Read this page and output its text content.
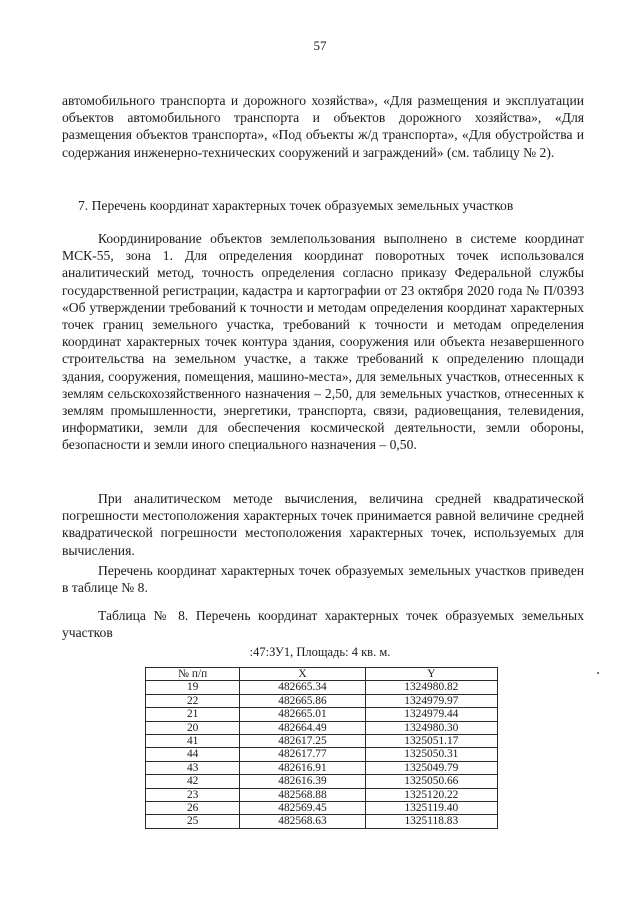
57
автомобильного транспорта и дорожного хозяйства», «Для размещения и эксплуатации объектов автомобильного транспорта и объектов дорожного хозяйства», «Для размещения объектов транспорта», «Под объекты ж/д транспорта», «Для обустройства и содержания инженерно-технических сооружений и заграждений» (см. таблицу № 2).
7. Перечень координат характерных точек образуемых земельных участков
Координирование объектов землепользования выполнено в системе координат МСК-55, зона 1. Для определения координат поворотных точек использовался аналитический метод, точность определения согласно приказу Федеральной службы государственной регистрации, кадастра и картографии от 23 октября 2020 года № П/0393 «Об утверждении требований к точности и методам определения координат характерных точек границ земельного участка, требований к точности и методам определения координат характерных точек контура здания, сооружения или объекта незавершенного строительства на земельном участке, а также требований к определению площади здания, сооружения, помещения, машино-места», для земельных участков, отнесенных к землям сельскохозяйственного назначения – 2,50, для земельных участков, отнесенных к землям промышленности, энергетики, транспорта, связи, радиовещания, телевидения, информатики, земли для обеспечения космической деятельности, земли обороны, безопасности и земли иного специального назначения – 0,50.
При аналитическом методе вычисления, величина средней квадратической погрешности местоположения характерных точек принимается равной величине средней квадратической погрешности местоположения характерных точек, используемых для вычисления.
Перечень координат характерных точек образуемых земельных участков приведен в таблице № 8.
Таблица № 8. Перечень координат характерных точек образуемых земельных участков
:47:ЗУ1, Площадь: 4 кв. м.
№ п/п	X	Y
19	482665.34	1324980.82
22	482665.86	1324979.97
21	482665.01	1324979.44
20	482664.49	1324980.30
41	482617.25	1325051.17
44	482617.77	1325050.31
43	482616.91	1325049.79
42	482616.39	1325050.66
23	482568.88	1325120.22
26	482569.45	1325119.40
25	482568.63	1325118.83
